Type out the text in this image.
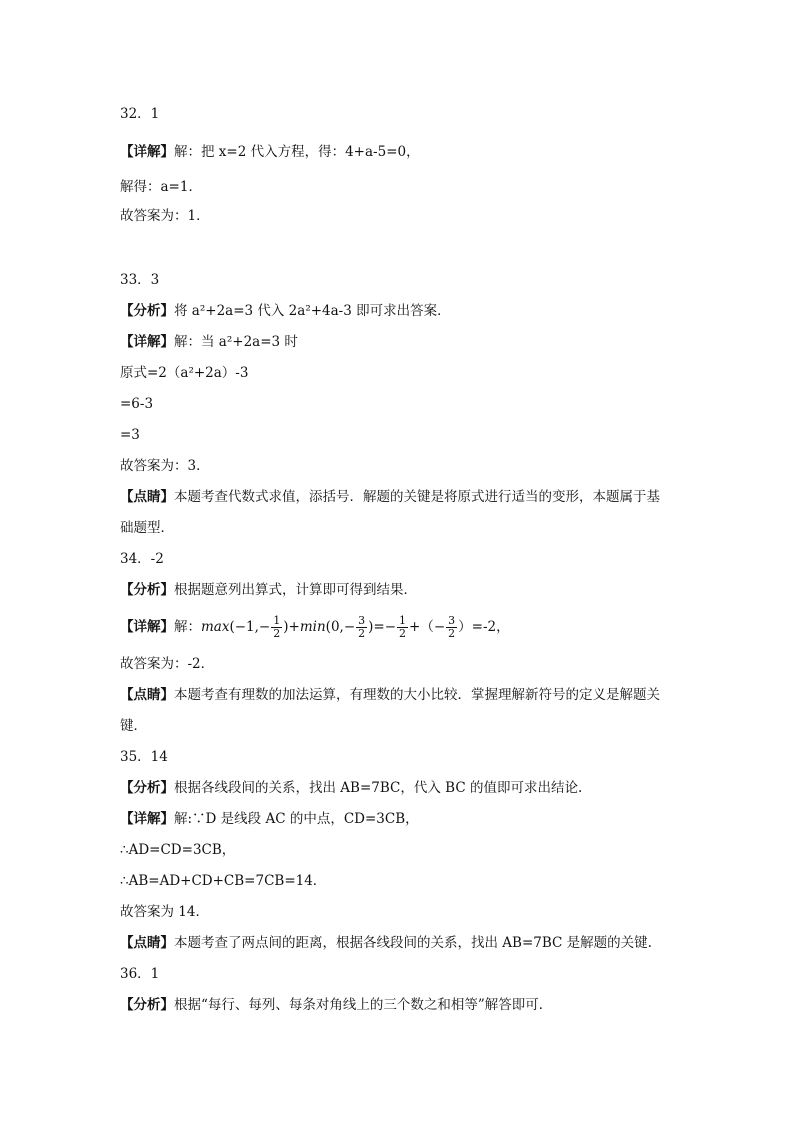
32．1
【详解】解：把 x=2 代入方程，得：4+a-5=0，
解得：a=1．
故答案为：1．
33．3
【分析】将 a²+2a=3 代入 2a²+4a-3 即可求出答案．
【详解】解：当 a²+2a=3 时
原式=2（a²+2a）-3
=6-3
=3
故答案为：3．
【点睛】本题考查代数式求值，添括号．解题的关键是将原式进行适当的变形，本题属于基
础题型．
34．-2
【分析】根据题意列出算式，计算即可得到结果．
【详解】解：$\max(-1,- \frac{1}{2} )+\min(0,- \frac{3}{2}$ )=− $\frac{1}{2}$ +（− $\frac{3}{2} )=-2$，
故答案为：-2．
【点睛】本题考查有理数的加法运算，有理数的大小比较．掌握理解新符号的定义是解题关
键．
35．14
【分析】根据各线段间的关系，找出 AB=7BC，代入 BC 的值即可求出结论.
【详解】解:∵D 是线段 AC 的中点，CD=3CB，
∴AD=CD=3CB，
∴AB=AD+CD+CB=7CB=14．
故答案为 14．
【点睛】本题考查了两点间的距离，根据各线段间的关系，找出 AB=7BC 是解题的关键.
36．1
【分析】根据“每行、每列、每条对角线上的三个数之和相等”解答即可．
